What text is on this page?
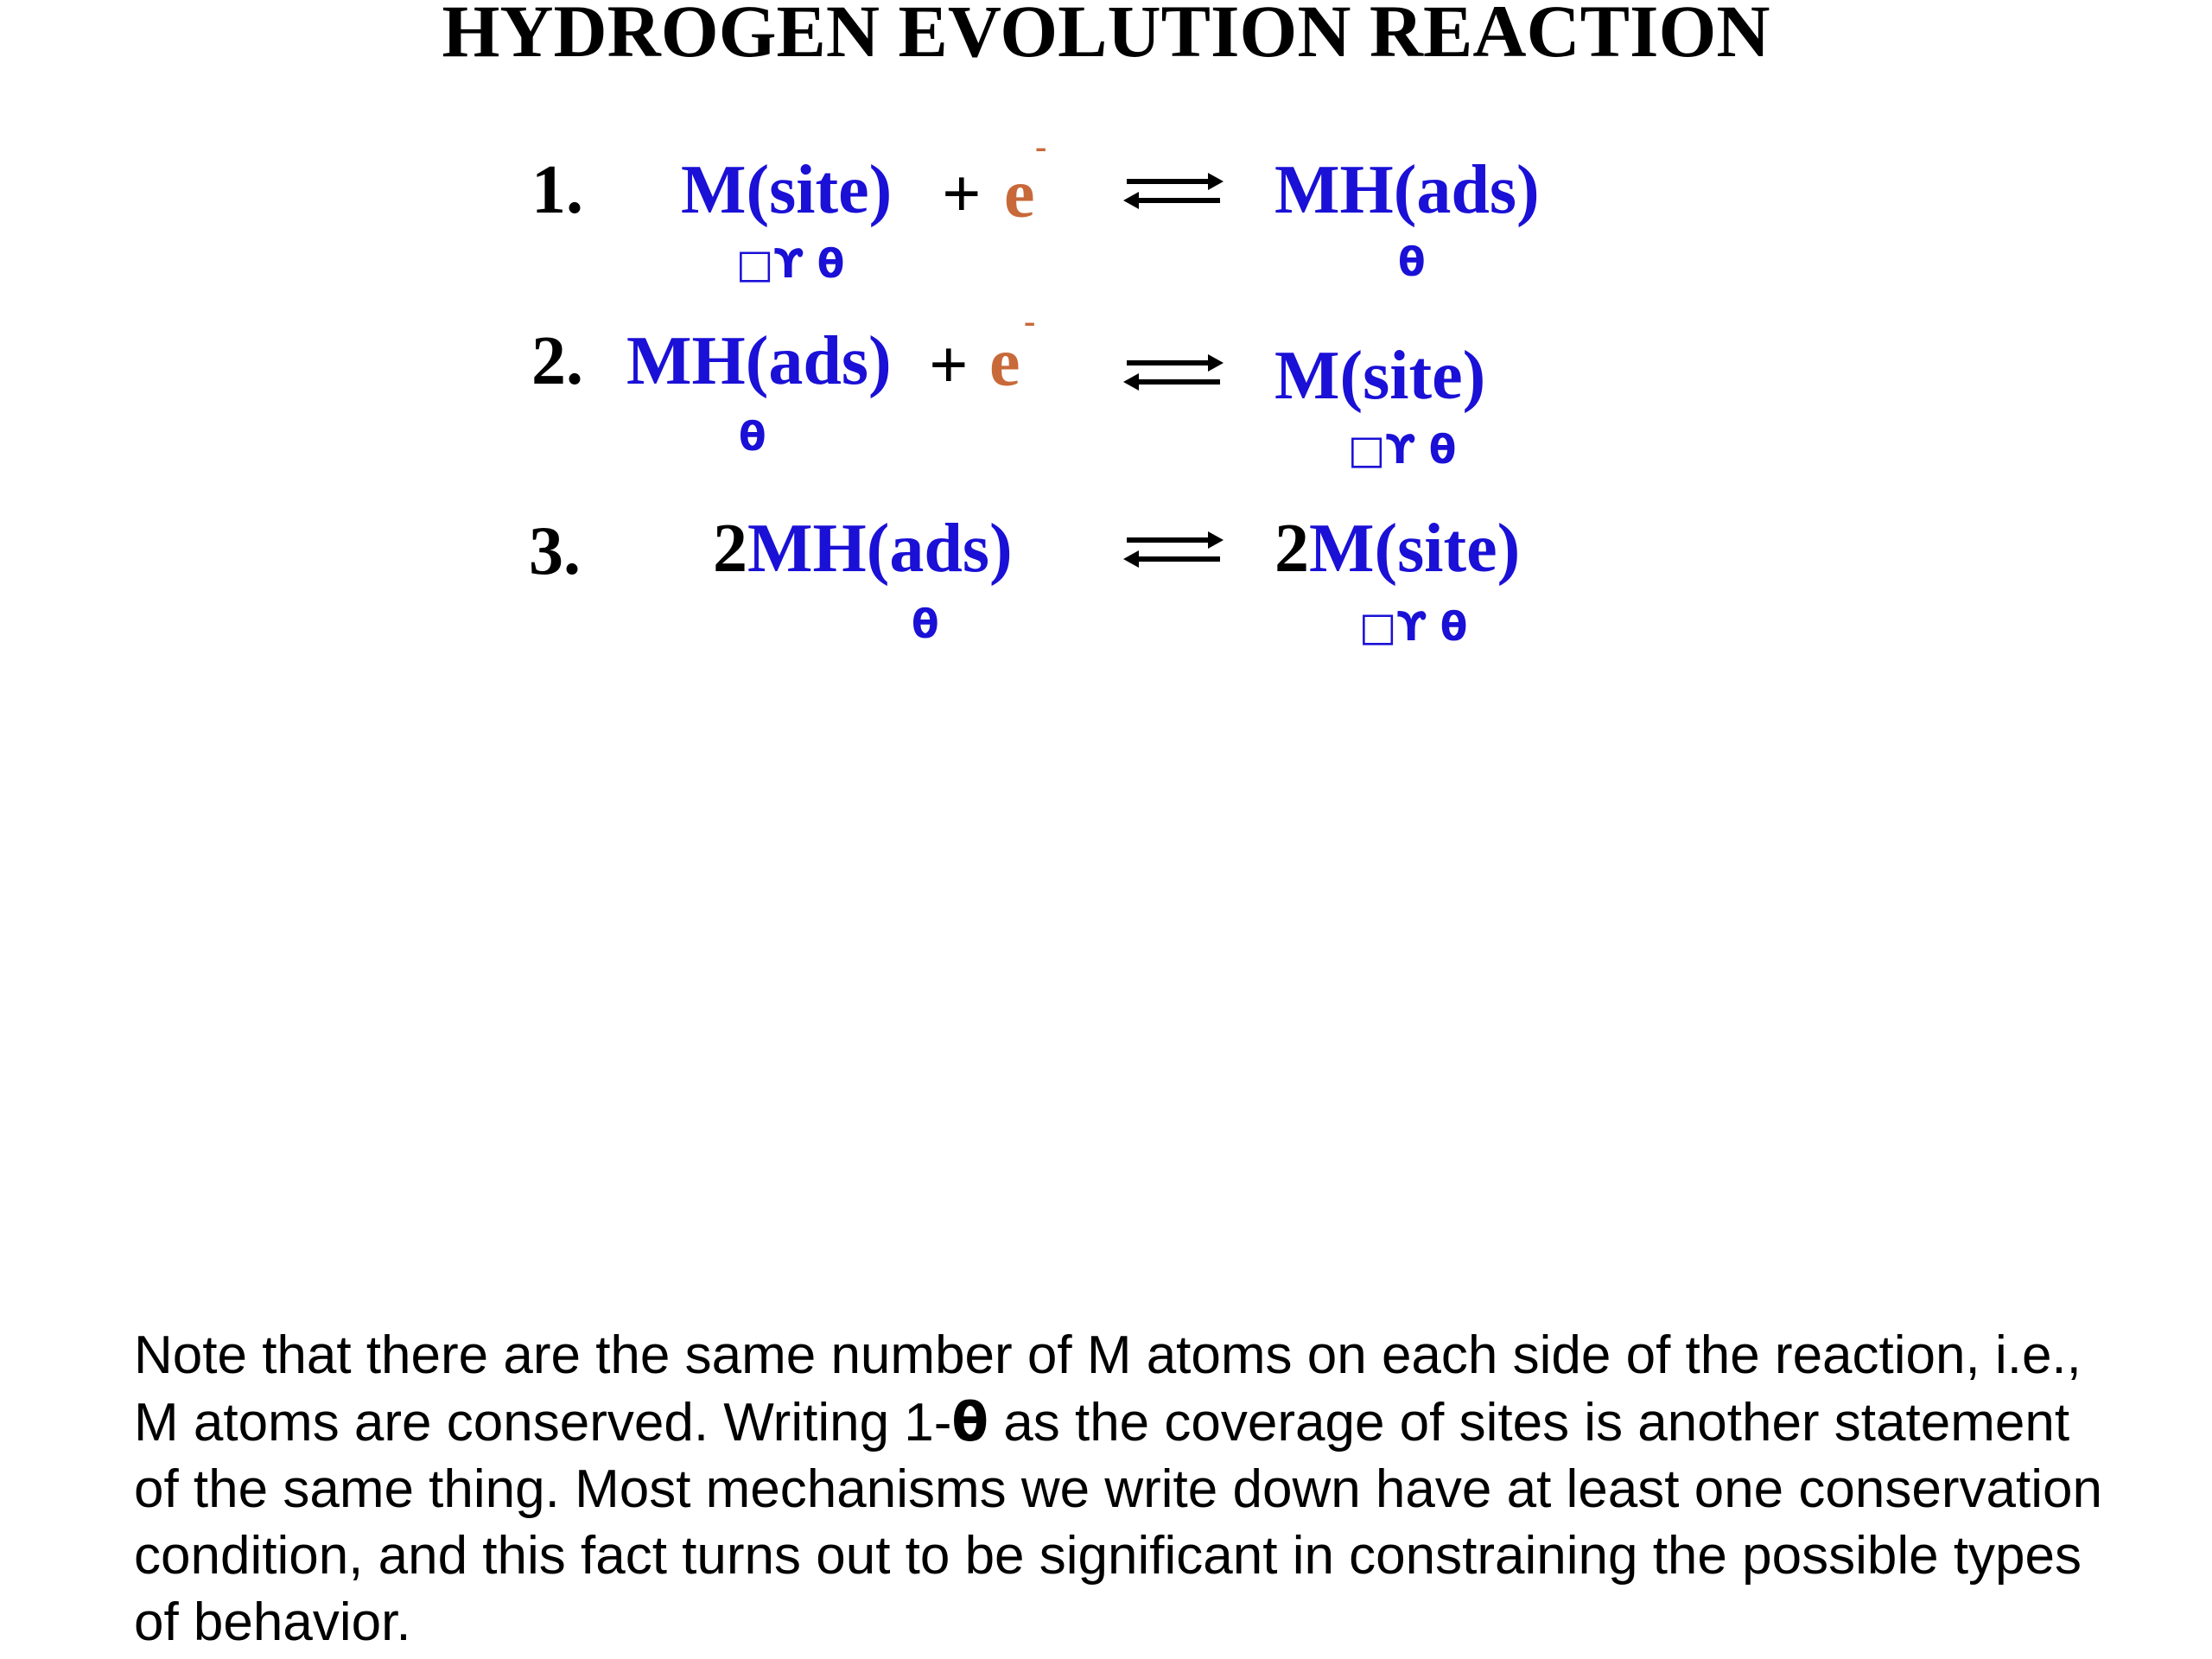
HYDROGEN EVOLUTION REACTION
1. M(site)
□ϒ θ
+ e
-
MH(ads)
θ
2. MH(ads)
θ
+ e
-
M(site)
□ϒ θ
3. 2MH(ads)
θ
2M(site)
□ϒ θ
Note that there are the same number of M atoms on each side of the reaction, i.e., M atoms are conserved. Writing 1-θ as the coverage of sites is another statement of the same thing. Most mechanisms we write down have at least one conservation condition, and this fact turns out to be significant in constraining the possible types of behavior.
